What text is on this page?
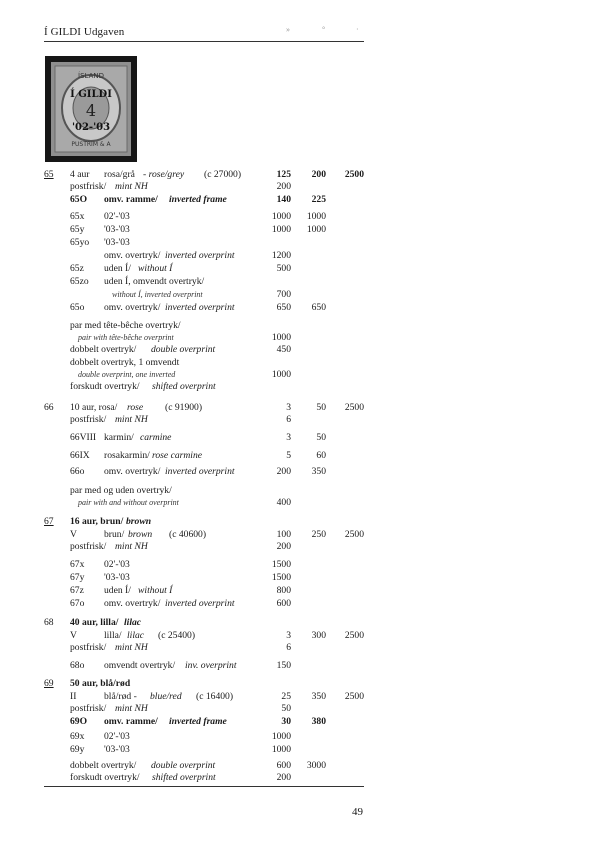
Í GILDI Udgaven	»	°	·
ÍSLAND
Í GILDI
4
'02-'03
PUSTRIM & A
65 4 aur rosa/grå - rose/grey (c 27000)	125	200	2500
postfrisk/ mint NH	200
65O omv. ramme/ inverted frame	140	225
65x 02'-'03	1000 1000
65y '03-'03	1000 1000
65yo '03-'03
omv. overtryk/ inverted overprint	1200
65z uden Í/ without Í	500
65zo uden Í, omvendt overtryk/
without Í, inverted overprint	700
65o omv. overtryk/ inverted overprint	650	650
par med tête-bêche overtryk/
pair with tête-bêche overprint	1000
dobbelt overtryk/ double overprint	450
dobbelt overtryk, 1 omvendt
double overprint, one inverted	1000
forskudt overtryk/ shifted overprint
66 10 aur, rosa/ rose (c 91900)	3	50	2500
postfrisk/ mint NH	6
66VIII karmin/ carmine	3	50
66IX rosakarmin/ rose carmine	5	60
66o omv. overtryk/ inverted overprint	200	350
par med og uden overtryk/
pair with and without overprint	400
67 16 aur, brun/ brown
V	brun/ brown (c 40600)	100	250	2500
postfrisk/ mint NH	200
67x 02'-'03	1500
67y '03-'03	1500
67z uden Í/ without Í	800
67o omv. overtryk/ inverted overprint	600
68 40 aur, lilla/ lilac
V	lilla/ lilac (c 25400)	3	300	2500
postfrisk/ mint NH	6
68o omvendt overtryk/ inv. overprint	150
69 50 aur, blå/rød
II	blå/rød - blue/red (c 16400)	25	350	2500
postfrisk/ mint NH	50
69O omv. ramme/ inverted frame	30	380
69x 02'-'03	1000
69y '03-'03	1000
dobbelt overtryk/ double overprint	600 3000
forskudt overtryk/ shifted overprint	200
49
